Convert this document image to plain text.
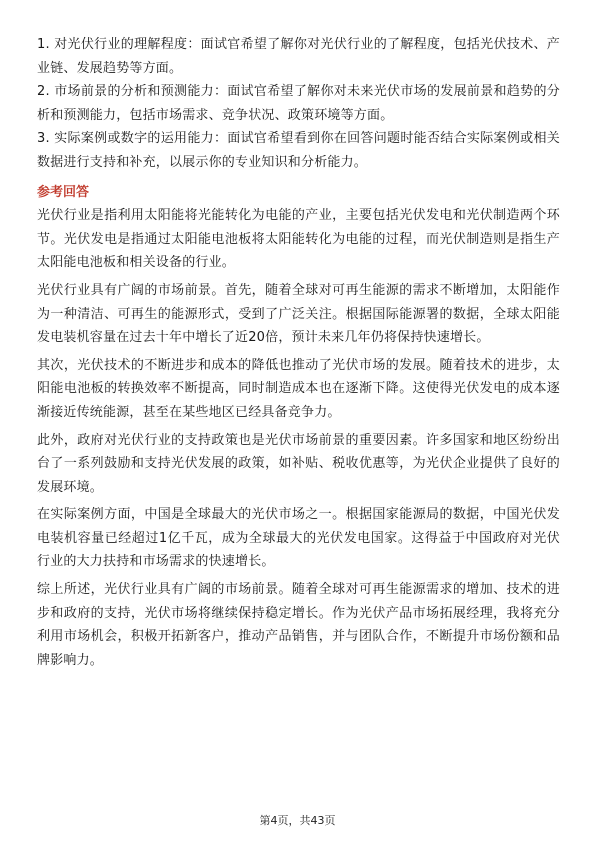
1. 对光伏行业的理解程度：面试官希望了解你对光伏行业的了解程度，包括光伏技术、产业链、发展趋势等方面。

2. 市场前景的分析和预测能力：面试官希望了解你对未来光伏市场的发展前景和趋势的分析和预测能力，包括市场需求、竞争状况、政策环境等方面。

3. 实际案例或数字的运用能力：面试官希望看到你在回答问题时能否结合实际案例或相关数据进行支持和补充，以展示你的专业知识和分析能力。

参考回答

光伏行业是指利用太阳能将光能转化为电能的产业，主要包括光伏发电和光伏制造两个环节。光伏发电是指通过太阳能电池板将太阳能转化为电能的过程，而光伏制造则是指生产太阳能电池板和相关设备的行业。

光伏行业具有广阔的市场前景。首先，随着全球对可再生能源的需求不断增加，太阳能作为一种清洁、可再生的能源形式，受到了广泛关注。根据国际能源署的数据，全球太阳能发电装机容量在过去十年中增长了近20倍，预计未来几年仍将保持快速增长。

其次，光伏技术的不断进步和成本的降低也推动了光伏市场的发展。随着技术的进步，太阳能电池板的转换效率不断提高，同时制造成本也在逐渐下降。这使得光伏发电的成本逐渐接近传统能源，甚至在某些地区已经具备竞争力。

此外，政府对光伏行业的支持政策也是光伏市场前景的重要因素。许多国家和地区纷纷出台了一系列鼓励和支持光伏发展的政策，如补贴、税收优惠等，为光伏企业提供了良好的发展环境。

在实际案例方面，中国是全球最大的光伏市场之一。根据国家能源局的数据，中国光伏发电装机容量已经超过1亿千瓦，成为全球最大的光伏发电国家。这得益于中国政府对光伏行业的大力扶持和市场需求的快速增长。

综上所述，光伏行业具有广阔的市场前景。随着全球对可再生能源需求的增加、技术的进步和政府的支持，光伏市场将继续保持稳定增长。作为光伏产品市场拓展经理，我将充分利用市场机会，积极开拓新客户，推动产品销售，并与团队合作，不断提升市场份额和品牌影响力。

第4页，共43页
